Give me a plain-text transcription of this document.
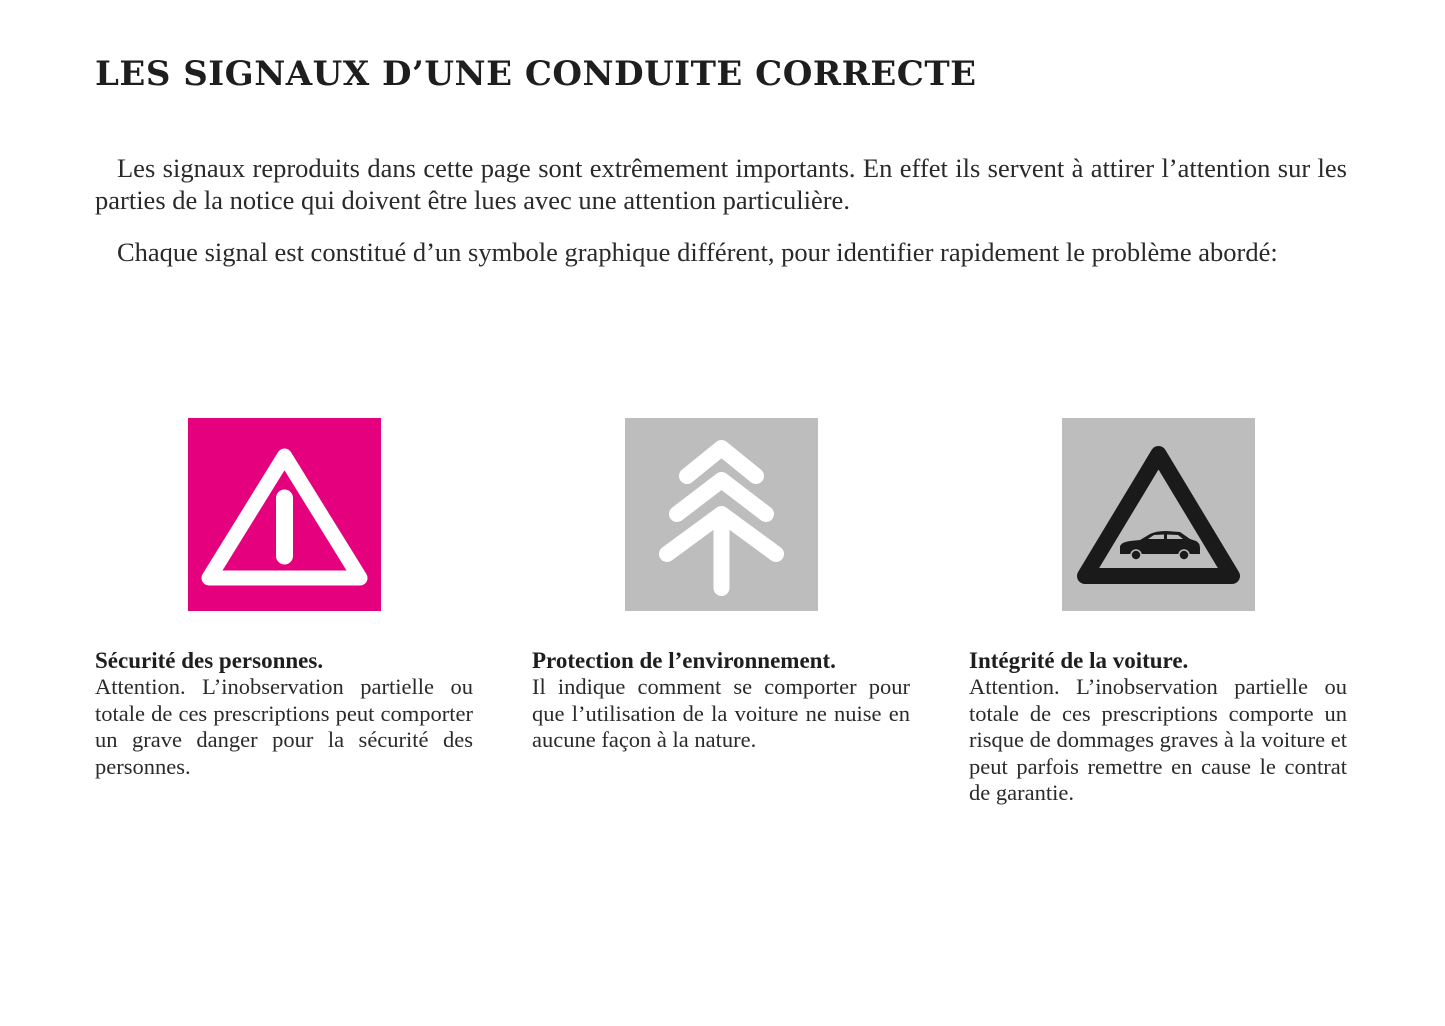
LES SIGNAUX D’UNE CONDUITE CORRECTE

Les signaux reproduits dans cette page sont extrêmement importants. En effet ils servent à attirer l’attention sur les parties de la notice qui doivent être lues avec une attention particulière.

Chaque signal est constitué d’un symbole graphique différent, pour identifier rapidement le problème abordé:

Sécurité des personnes.

Attention. L’inobservation partielle ou totale de ces prescriptions peut comporter un grave danger pour la sécurité des personnes.

Protection de l’environnement.

Il indique comment se comporter pour que l’utilisation de la voiture ne nuise en aucune façon à la nature.

Intégrité de la voiture.

Attention. L’inobservation partielle ou totale de ces prescriptions comporte un risque de dommages graves à la voiture et peut parfois remettre en cause le contrat de garantie.
